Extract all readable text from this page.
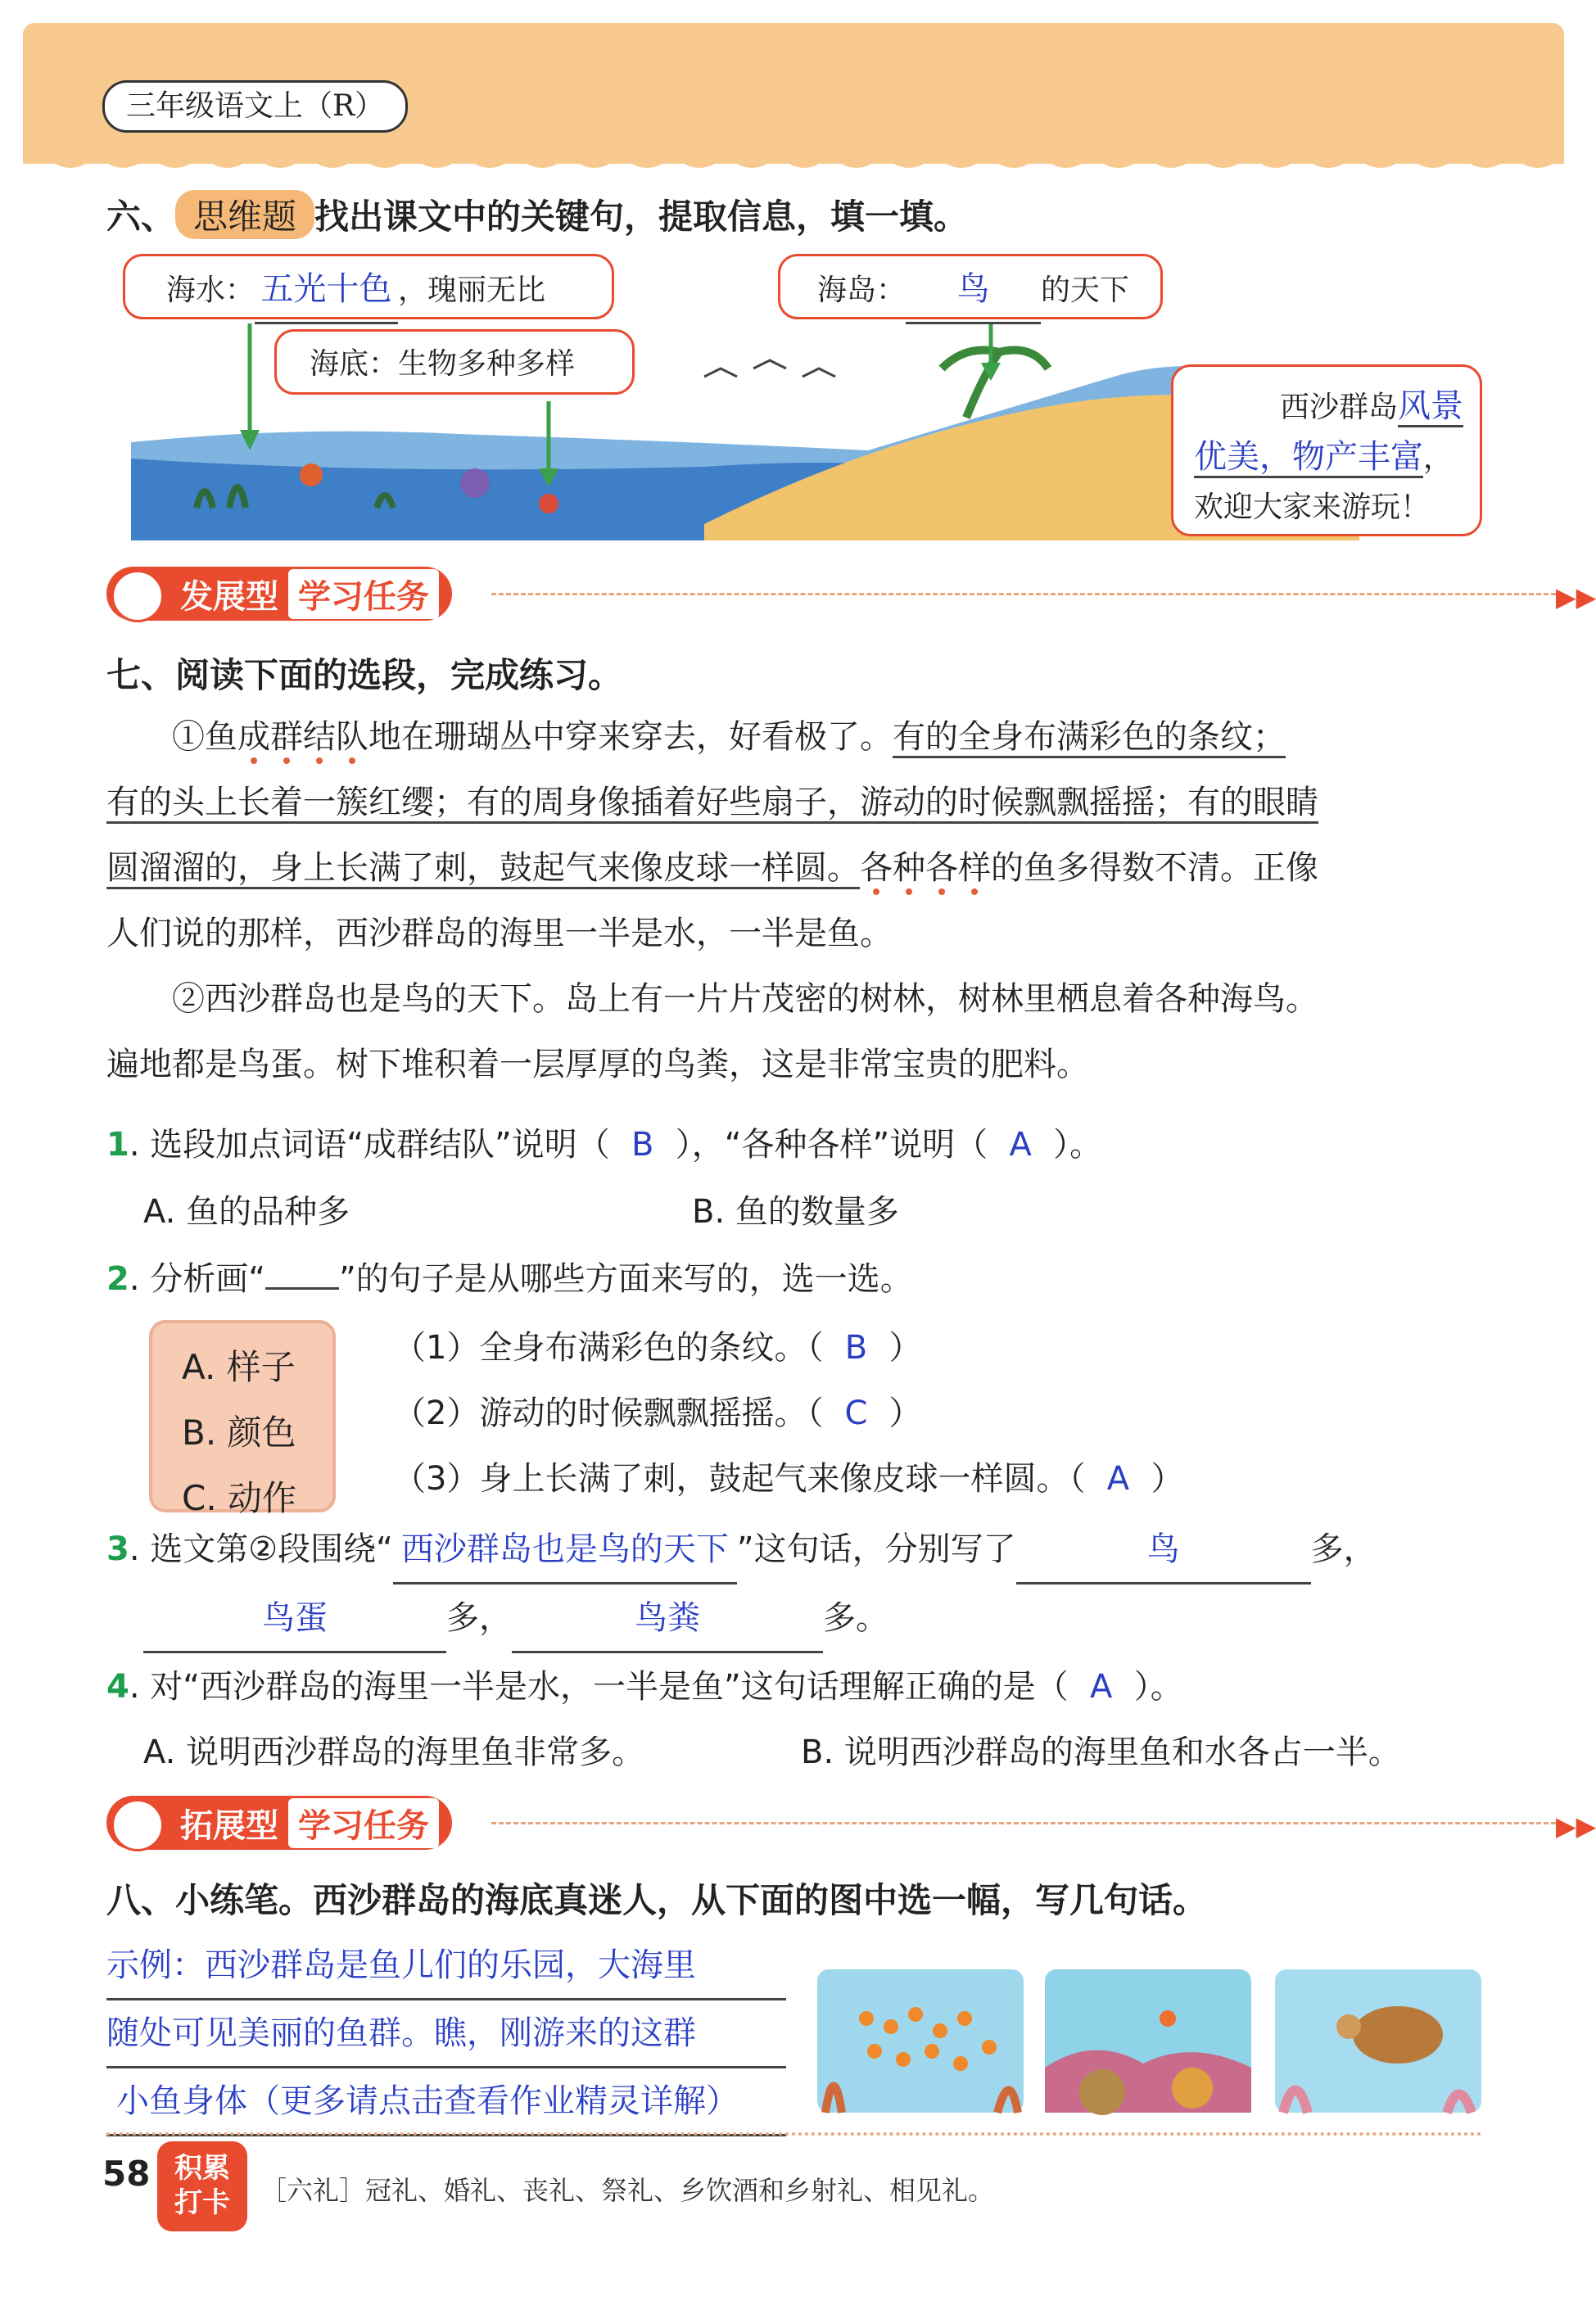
三年级语文上（R）
六、 思维题 找出课文中的关键句，提取信息，填一填。
海水： 五光十色 ，瑰丽无比	海岛： 鸟 的天下
海底：生物多种多样
西沙群岛风景
优美，物产丰富，
欢迎大家来游玩！
发展型 学习任务	▶▶
七、阅读下面的选段，完成练习。
①鱼成群结队地在珊瑚丛中穿来穿去，好看极了。有的全身布满彩色的条纹；
有的头上长着一簇红缨；有的周身像插着好些扇子，游动的时候飘飘摇摇；有的眼睛
圆溜溜的，身上长满了刺，鼓起气来像皮球一样圆。各种各样的鱼多得数不清。正像
人们说的那样，西沙群岛的海里一半是水，一半是鱼。
②西沙群岛也是鸟的天下。岛上有一片片茂密的树林，树林里栖息着各种海鸟。
遍地都是鸟蛋。树下堆积着一层厚厚的鸟粪，这是非常宝贵的肥料。
1. 选段加点词语“成群结队”说明（ B ），“各种各样”说明（ A ）。
A. 鱼的品种多	B. 鱼的数量多
2. 分析画“ ”的句子是从哪些方面来写的，选一选。
A. 样子
B. 颜色
C. 动作
（1）全身布满彩色的条纹。（ B ）
（2）游动的时候飘飘摇摇。（ C ）
（3）身上长满了刺，鼓起气来像皮球一样圆。（ A ）
3. 选文第②段围绕“ 西沙群岛也是鸟的天下 ”这句话，分别写了	鸟	多，
鸟蛋	多，	鸟粪	多。
4. 对“西沙群岛的海里一半是水，一半是鱼”这句话理解正确的是（ A ）。
A. 说明西沙群岛的海里鱼非常多。	B. 说明西沙群岛的海里鱼和水各占一半。
拓展型 学习任务	▶▶
八、小练笔。西沙群岛的海底真迷人，从下面的图中选一幅，写几句话。
示例：西沙群岛是鱼儿们的乐园，大海里
随处可见美丽的鱼群。瞧，刚游来的这群
小鱼身体（更多请点击查看作业精灵详解）
58 积累
打卡	［六礼］冠礼、婚礼、丧礼、祭礼、乡饮酒和乡射礼、相见礼。
